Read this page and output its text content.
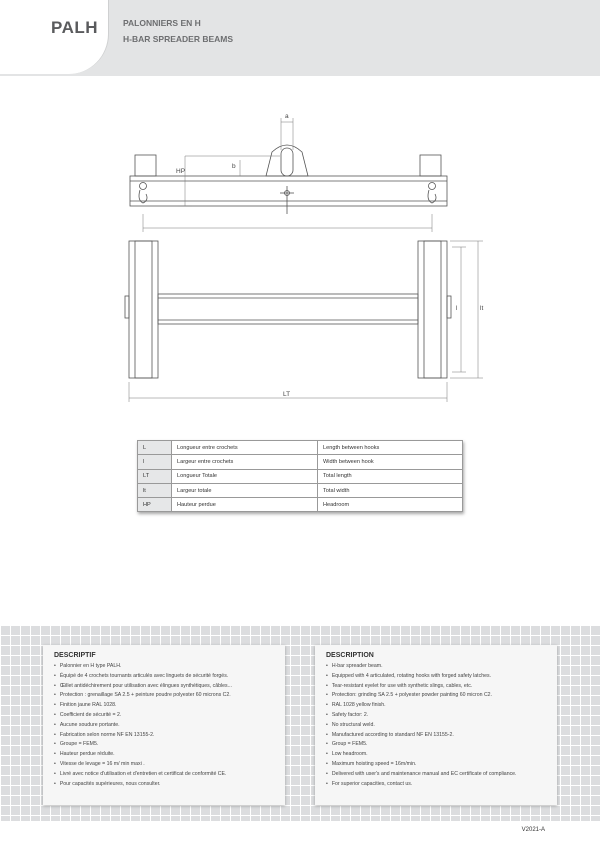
PALH	PALONNIERS EN H
H-BAR SPREADER BEAMS
a
b
HP
l	lt
LT
L	Longueur entre crochets	Length between hooks
l	Largeur entre crochets	Width between hook
LT	Longueur Totale	Total length
lt	Largeur totale	Total width
HP	Hauteur perdue	Headroom
DESCRIPTIF
• Palonnier en H type PALH.
• Équipé de 4 crochets tournants articulés avec linguets de sécurité forgés.
• Œillet antidéchirement pour utilisation avec élingues synthétiques, câbles...
• Protection : grenaillage SA 2.5 + peinture poudre polyester 60 microns C2.
• Finition jaune RAL 1028.
• Coefficient de sécurité = 2.
• Aucune soudure portante.
• Fabrication selon norme NF EN 13155-2.
• Groupe = FEM5.
• Hauteur perdue réduite.
• Vitesse de levage = 16 m/ min maxi .
• Livré avec notice d'utilisation et d'entretien et certificat de conformité CE.
• Pour capacités supérieures, nous consulter.
DESCRIPTION
• H-bar spreader beam.
• Equipped with 4 articulated, rotating hooks with forged safety latches.
• Tear-resistant eyelet for use with synthetic slings, cables, etc.
• Protection: grinding SA 2.5 + polyester powder painting 60 micron C2.
• RAL 1028 yellow finish.
• Safety factor: 2.
• No structural weld.
• Manufactured according to standard NF EN 13155-2.
• Group = FEM5.
• Low headroom.
• Maximum hoisting speed = 16m/min.
• Delivered with user's and maintenance manual and EC certificate of compliance.
• For superior capacities, contact us.
V2021-A
